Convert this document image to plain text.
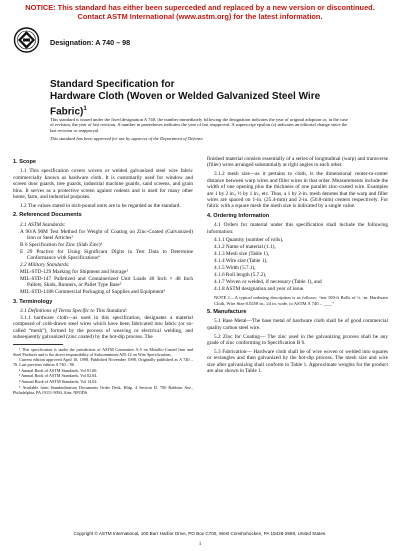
NOTICE: This standard has either been superceded and replaced by a new version or discontinued.
Contact ASTM International (www.astm.org) for the latest information.
Designation: A 740 – 98
Standard Specification for
Hardware Cloth (Woven or Welded Galvanized Steel Wire
Fabric)$^1$

This standard is issued under the fixed designation A 740; the number immediately following the designation indicates the year of original adoption or, in the case of revision, the year of last revision. A number in parentheses indicates the year of last reapproval. A superscript epsilon (ε) indicates an editorial change since the last revision or reapproval.

This standard has been approved for use by agencies of the Department of Defense.

1. Scope
1.1 This specification covers woven or welded galvanized steel wire fabric commercially known as hardware cloth. It is customarily used for window and screen door guards, tree guards, industrial machine guards, sand screens, and grain bins. It serves as a protective screen against rodents and is used for many other home, farm, and industrial purposes.
1.2 The values stated in inch-pound units are to be regarded as the standard.
2. Referenced Documents
2.1 ASTM Standards:
A 90/A 90M Test Method for Weight of Coating on Zinc-Coated (Galvanized) Iron or Steel Articles²
B 6 Specification for Zinc (Slab Zinc)³
E 29 Practice for Using Significant Digits in Test Data to Determine Conformance with Specifications⁴
2.2 Military Standards:
MIL-STD-129 Marking for Shipment and Storage⁵
MIL-STD-147 Palletized and Containerized Unit Loads 40 Inch × 48 Inch Pallets, Skids, Runners, or Pallet Type Base⁵
MIL-STD-1188 Commercial Packaging of Supplies and Equipment⁵
3. Terminology
3.1 Definitions of Terms Specific to This Standard:
3.1.1 hardware cloth—as used in this specification, designates a material composed of cold-drawn steel wires which have been fabricated into fabric (or so-called “mesh”), formed by the process of weaving or electrical welding, and subsequently galvanized (zinc coated) by the hot-dip process. The
¹ This specification is under the jurisdiction of ASTM Committee A-5 on Metallic-Coated Iron and Steel Products and is the direct responsibility of Subcommittee A05.12 on Wire Specifications.
Current edition approved April 10, 1998. Published November 1998. Originally published as A 740 – 76. Last previous edition A 740 – 96.
² Annual Book of ASTM Standards, Vol 01.06.
³ Annual Book of ASTM Standards, Vol 02.04.
⁴ Annual Book of ASTM Standards, Vol 14.02.
⁵ Available from Standardization Documents Order Desk, Bldg. 4 Section D, 700 Robbins Ave., Philadelphia, PA 19111-5094, Attn: NPODS.
finished material consists essentially of a series of longitudinal (warp) and transverse (filler) wires arranged substantially at right angles to each other.
3.1.2 mesh size—as it pertains to cloth, is the dimensional center-to-center distance between warp wires and filler wires in that order. Measurements include the width of one opening plus the thickness of one parallel zinc-coated wire. Examples are 1 by 2 in., ½ by 1 in., etc. Thus, a 1 by 2-in. mesh denotes that the warp and filler wires are spaced on 1-in. (25.4-mm) and 2-in. (50.8-mm) centers respectively. For fabric with a square mesh the mesh size is indicated by a single value.
4. Ordering Information
4.1 Orders for material under this specification shall include the following information:
4.1.1 Quantity (number of rolls),
4.1.2 Name of material (1.1),
4.1.3 Mesh size (Table 1),
4.1.4 Wire size (Table 1),
4.1.5 Width (5.7.1),
4.1.6 Roll length (5.7.2),
4.1.7 Woven or welded, if necessary (Table 1), and
4.1.8 ASTM designation and year of issue.
NOTE 1—A typical ordering description is as follows: “ten 100-ft Rolls of ¼ -in. Hardware Cloth, Wire Size 0.0258 in., 24 in. wide, to ASTM A 740 – ____”
5. Manufacture
5.1 Base Metal—The base metal of hardware cloth shall be of good commercial quality carbon steel wire.
5.2 Zinc for Coating— The zinc used in the galvanizing process shall be any grade of zinc conforming to Specification B 6.
5.3 Fabrication— Hardware cloth shall be of wire woven or welded into squares or rectangles and then galvanized by the hot-dip process. The mesh size and wire size after galvanizing shall conform to Table 1. Approximate weights for the product are also shown in Table 1.
Copyright © ASTM International, 100 Barr Harbor Drive, PO Box C700, West Conshohocken, PA 19428-2959, United States.
1
